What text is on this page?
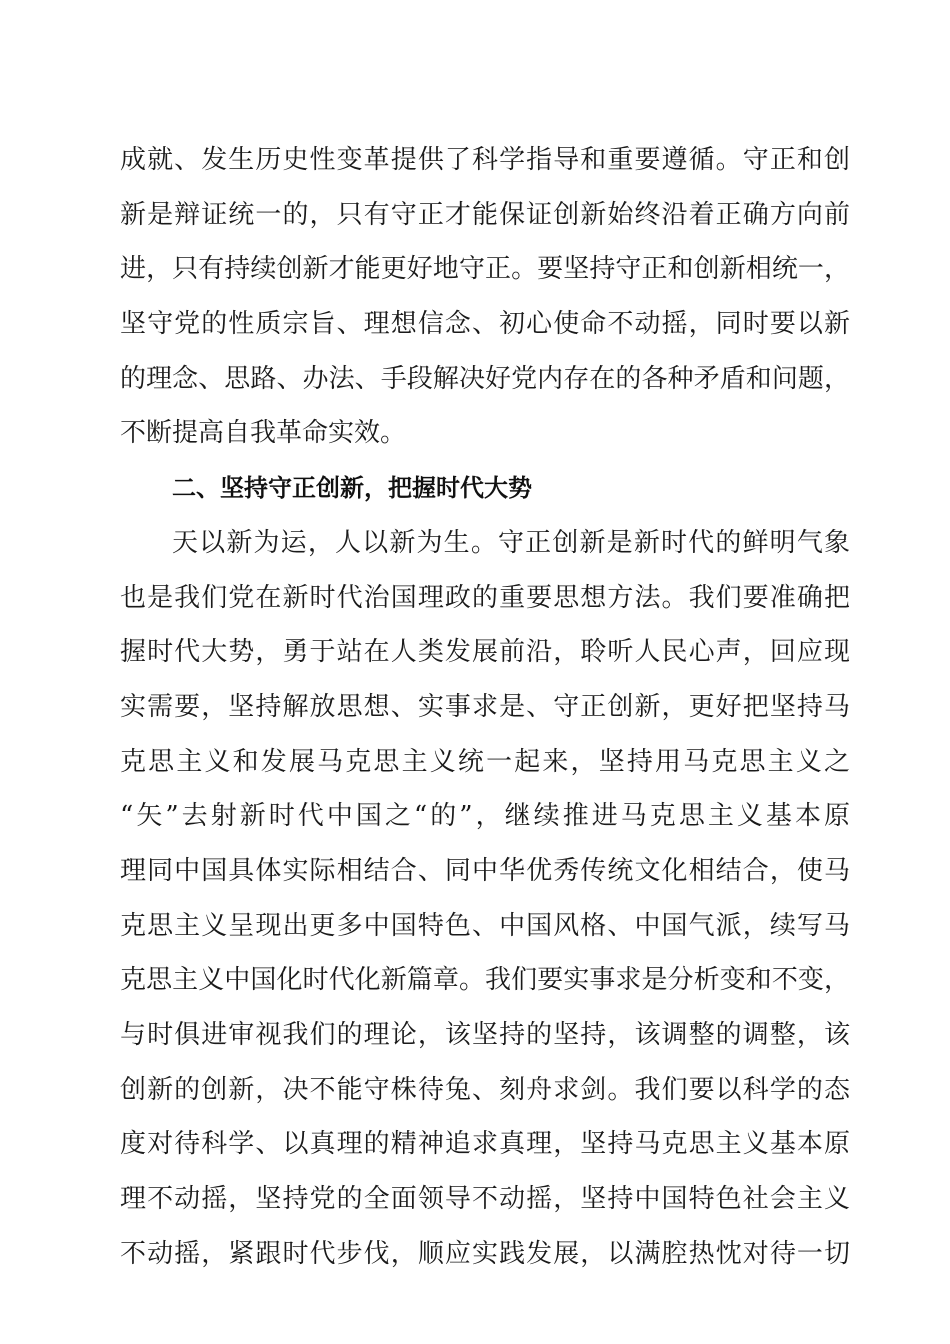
成就、发生历史性变革提供了科学指导和重要遵循。守正和创
新是辩证统一的，只有守正才能保证创新始终沿着正确方向前
进，只有持续创新才能更好地守正。要坚持守正和创新相统一，
坚守党的性质宗旨、理想信念、初心使命不动摇，同时要以新
的理念、思路、办法、手段解决好党内存在的各种矛盾和问题，
不断提高自我革命实效。
二、坚持守正创新，把握时代大势
天以新为运，人以新为生。守正创新是新时代的鲜明气象
也是我们党在新时代治国理政的重要思想方法。我们要准确把
握时代大势，勇于站在人类发展前沿，聆听人民心声，回应现
实需要，坚持解放思想、实事求是、守正创新，更好把坚持马
克思主义和发展马克思主义统一起来，坚持用马克思主义之
“矢”去射新时代中国之“的”，继续推进马克思主义基本原
理同中国具体实际相结合、同中华优秀传统文化相结合，使马
克思主义呈现出更多中国特色、中国风格、中国气派，续写马
克思主义中国化时代化新篇章。我们要实事求是分析变和不变，
与时俱进审视我们的理论，该坚持的坚持，该调整的调整，该
创新的创新，决不能守株待兔、刻舟求剑。我们要以科学的态
度对待科学、以真理的精神追求真理，坚持马克思主义基本原
理不动摇，坚持党的全面领导不动摇，坚持中国特色社会主义
不动摇，紧跟时代步伐，顺应实践发展，以满腔热忱对待一切
